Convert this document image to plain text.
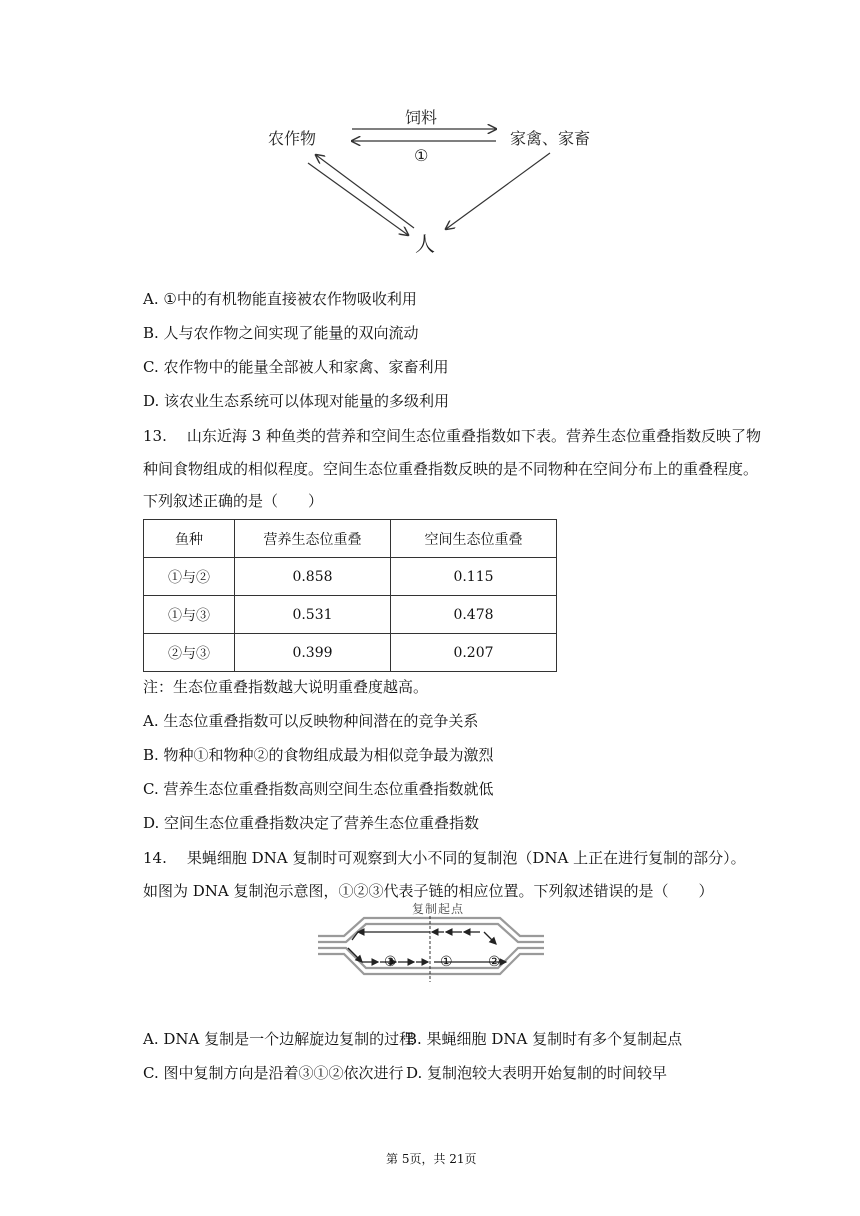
农作物	家禽、家畜
人
饲料
①
A. ①中的有机物能直接被农作物吸收利用
B. 人与农作物之间实现了能量的双向流动
C. 农作物中的能量全部被人和家禽、家畜利用
D. 该农业生态系统可以体现对能量的多级利用
13. 山东近海 3 种鱼类的营养和空间生态位重叠指数如下表。营养生态位重叠指数反映了物
种间食物组成的相似程度。空间生态位重叠指数反映的是不同物种在空间分布上的重叠程度。
下列叙述正确的是（　　）
鱼种	营养生态位重叠	空间生态位重叠
①与②	0.858	0.115
①与③	0.531	0.478
②与③	0.399	0.207
注：生态位重叠指数越大说明重叠度越高。
A. 生态位重叠指数可以反映物种间潜在的竞争关系
B. 物种①和物种②的食物组成最为相似竞争最为激烈
C. 营养生态位重叠指数高则空间生态位重叠指数就低
D. 空间生态位重叠指数决定了营养生态位重叠指数
14. 果蝇细胞 DNA 复制时可观察到大小不同的复制泡（DNA 上正在进行复制的部分）。
如图为 DNA 复制泡示意图，①②③代表子链的相应位置。下列叙述错误的是（　　）
复制起点
③	①	②
A. DNA 复制是一个边解旋边复制的过程
B. 果蝇细胞 DNA 复制时有多个复制起点
C. 图中复制方向是沿着③①②依次进行 D. 复制泡较大表明开始复制的时间较早
第 5页，共 21页
